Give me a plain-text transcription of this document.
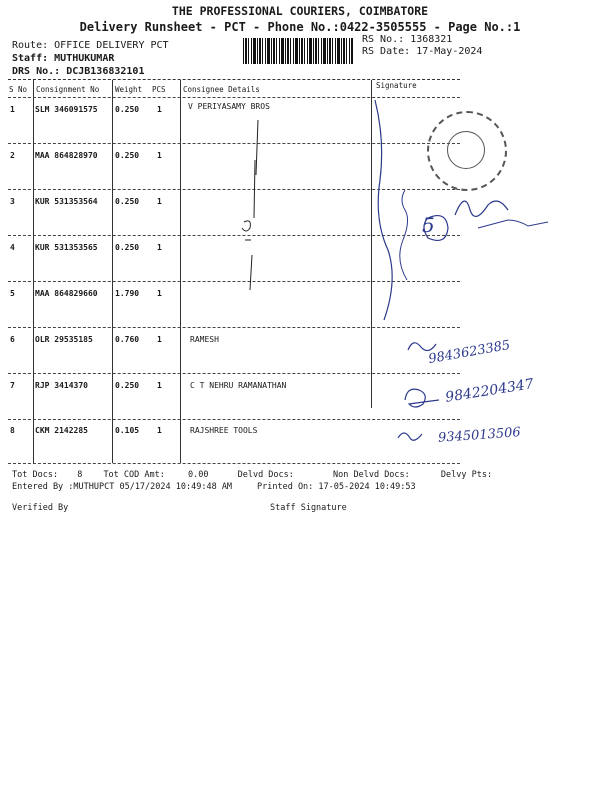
THE PROFESSIONAL COURIERS, COIMBATORE
Delivery Runsheet - PCT - Phone No.:0422-3505555 - Page No.:1
Route: OFFICE DELIVERY PCT
Staff: MUTHUKUMAR
DRS No.: DCJB136832101
RS No.: 1368321
RS Date: 17-May-2024
S No Consignment No Weight PCS Consignee Details	Signature
1	SLM 346091575 0.250 1	V PERIYASAMY BROS
2	MAA 864828970 0.250 1
3	KUR 531353564 0.250 1
4	KUR 531353565 0.250 1
5	MAA 864829660 1.790 1
6	OLR 29535185	0.760 1	RAMESH
7	RJP 3414370	0.250 1	C T NEHRU RAMANATHAN
8	CKM 2142285	0.105 1	RAJSHREE TOOLS
5
9843623385
9842204347
9345013506
Tot Docs: 8 Tot COD Amt:	0.00	Delvd Docs:	Non Delvd Docs:	Delvy Pts:
Entered By :MUTHUPCT 05/17/2024 10:49:48 AM	Printed On: 17-05-2024 10:49:53
Verified By	Staff Signature
